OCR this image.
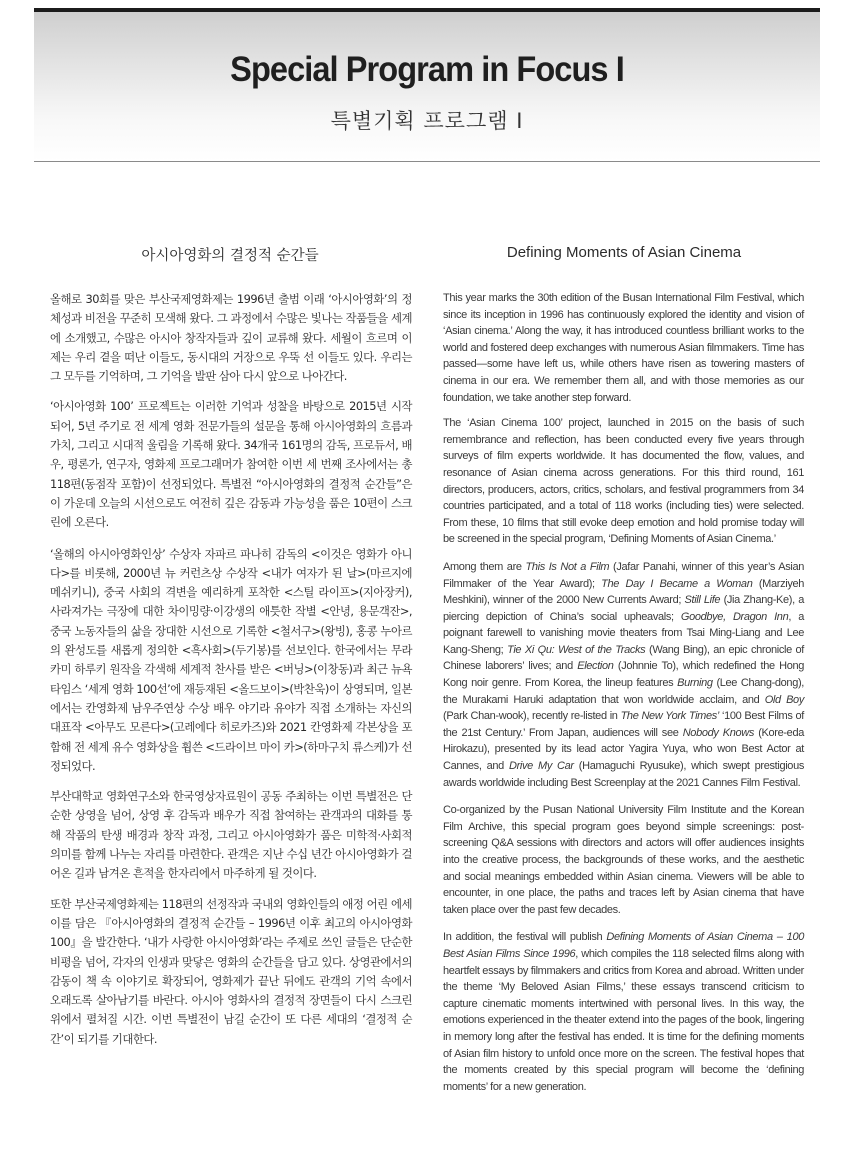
Special Program in Focus I
특별기획 프로그램 Ⅰ
아시아영화의 결정적 순간들	Defining Moments of Asian Cinema

올해로 30회를 맞은 부산국제영화제는 1996년 출범 이래 ‘아시아영화’의 정체성과 비전을 꾸준히 모색해 왔다. 그 과정에서 수많은 빛나는 작품들을 세계에 소개했고, 수많은 아시아 창작자들과 깊이 교류해 왔다. 세월이 흐르며 이제는 우리 곁을 떠난 이들도, 동시대의 거장으로 우뚝 선 이들도 있다. 우리는 그 모두를 기억하며, 그 기억을 발판 삼아 다시 앞으로 나아간다.

‘아시아영화 100’ 프로젝트는 이러한 기억과 성찰을 바탕으로 2015년 시작되어, 5년 주기로 전 세계 영화 전문가들의 설문을 통해 아시아영화의 흐름과 가치, 그리고 시대적 울림을 기록해 왔다. 34개국 161명의 감독, 프로듀서, 배우, 평론가, 연구자, 영화제 프로그래머가 참여한 이번 세 번째 조사에서는 총 118편(동점작 포함)이 선정되었다. 특별전 “아시아영화의 결정적 순간들”은 이 가운데 오늘의 시선으로도 여전히 깊은 감동과 가능성을 품은 10편이 스크린에 오른다.

‘올해의 아시아영화인상’ 수상자 자파르 파나히 감독의 <이것은 영화가 아니다>를 비롯해, 2000년 뉴 커런츠상 수상작 <내가 여자가 된 날>(마르지에 메쉬키니), 중국 사회의 격변을 예리하게 포착한 <스틸 라이프>(지아장커), 사라져가는 극장에 대한 차이밍량·이강생의 애틋한 작별 <안녕, 용문객잔>, 중국 노동자들의 삶을 장대한 시선으로 기록한 <철서구>(왕빙), 홍콩 누아르의 완성도를 새롭게 정의한 <흑사회>(두기봉)를 선보인다. 한국에서는 무라카미 하루키 원작을 각색해 세계적 찬사를 받은 <버닝>(이창동)과 최근 뉴욕타임스 ‘세계 영화 100선’에 재등재된 <올드보이>(박찬욱)이 상영되며, 일본에서는 칸영화제 남우주연상 수상 배우 야기라 유야가 직접 소개하는 자신의 대표작 <아무도 모른다>(고레에다 히로카즈)와 2021 칸영화제 각본상을 포함해 전 세계 유수 영화상을 휩쓴 <드라이브 마이 카>(하마구치 류스케)가 선정되었다.

부산대학교 영화연구소와 한국영상자료원이 공동 주최하는 이번 특별전은 단순한 상영을 넘어, 상영 후 감독과 배우가 직접 참여하는 관객과의 대화를 통해 작품의 탄생 배경과 창작 과정, 그리고 아시아영화가 품은 미학적·사회적 의미를 함께 나누는 자리를 마련한다. 관객은 지난 수십 년간 아시아영화가 걸어온 길과 남겨온 흔적을 한자리에서 마주하게 될 것이다.

또한 부산국제영화제는 118편의 선정작과 국내외 영화인들의 애정 어린 에세이를 담은 『아시아영화의 결정적 순간들 – 1996년 이후 최고의 아시아영화 100』을 발간한다. ‘내가 사랑한 아시아영화’라는 주제로 쓰인 글들은 단순한 비평을 넘어, 각자의 인생과 맞닿은 영화의 순간들을 담고 있다. 상영관에서의 감동이 책 속 이야기로 확장되어, 영화제가 끝난 뒤에도 관객의 기억 속에서 오래도록 살아남기를 바란다. 아시아 영화사의 결정적 장면들이 다시 스크린 위에서 펼쳐질 시간. 이번 특별전이 남길 순간이 또 다른 세대의 ‘결정적 순간’이 되기를 기대한다.

This year marks the 30th edition of the Busan International Film Festival, which since its inception in 1996 has continuously explored the identity and vision of ‘Asian cinema.’ Along the way, it has introduced countless brilliant works to the world and fostered deep exchanges with numerous Asian filmmakers. Time has passed—some have left us, while others have risen as towering masters of cinema in our era. We remember them all, and with those memories as our foundation, we take another step forward.

The ‘Asian Cinema 100’ project, launched in 2015 on the basis of such remembrance and reflection, has been conducted every five years through surveys of film experts worldwide. It has documented the flow, values, and resonance of Asian cinema across generations. For this third round, 161 directors, producers, actors, critics, scholars, and festival programmers from 34 countries participated, and a total of 118 works (including ties) were selected. From these, 10 films that still evoke deep emotion and hold promise today will be screened in the special program, ‘Defining Moments of Asian Cinema.’

Among them are This Is Not a Film (Jafar Panahi, winner of this year’s Asian Filmmaker of the Year Award); The Day I Became a Woman (Marziyeh Meshkini), winner of the 2000 New Currents Award; Still Life (Jia Zhang-Ke), a piercing depiction of China’s social upheavals; Goodbye, Dragon Inn, a poignant farewell to vanishing movie theaters from Tsai Ming-Liang and Lee Kang-Sheng; Tie Xi Qu: West of the Tracks (Wang Bing), an epic chronicle of Chinese laborers’ lives; and Election (Johnnie To), which redefined the Hong Kong noir genre. From Korea, the lineup features Burning (Lee Chang-dong), the Murakami Haruki adaptation that won worldwide acclaim, and Old Boy (Park Chan-wook), recently re-listed in The New York Times’ ‘100 Best Films of the 21st Century.’ From Japan, audiences will see Nobody Knows (Kore-eda Hirokazu), presented by its lead actor Yagira Yuya, who won Best Actor at Cannes, and Drive My Car (Hamaguchi Ryusuke), which swept prestigious awards worldwide including Best Screenplay at the 2021 Cannes Film Festival.

Co-organized by the Pusan National University Film Institute and the Korean Film Archive, this special program goes beyond simple screenings: post-screening Q&A sessions with directors and actors will offer audiences insights into the creative process, the backgrounds of these works, and the aesthetic and social meanings embedded within Asian cinema. Viewers will be able to encounter, in one place, the paths and traces left by Asian cinema that have taken place over the past few decades.

In addition, the festival will publish Defining Moments of Asian Cinema – 100 Best Asian Films Since 1996, which compiles the 118 selected films along with heartfelt essays by filmmakers and critics from Korea and abroad. Written under the theme ‘My Beloved Asian Films,’ these essays transcend criticism to capture cinematic moments intertwined with personal lives. In this way, the emotions experienced in the theater extend into the pages of the book, lingering in memory long after the festival has ended. It is time for the defining moments of Asian film history to unfold once more on the screen. The festival hopes that the moments created by this special program will become the ‘defining moments’ for a new generation.
